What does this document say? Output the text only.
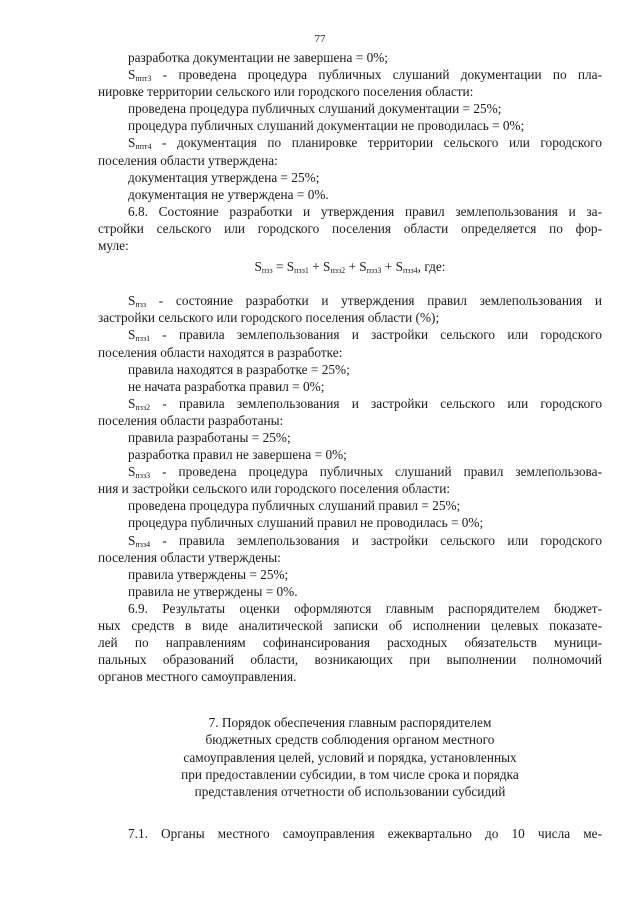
77

разработка документации не завершена = 0%;

$S_{ппт3}$ - проведена процедура публичных слушаний документации по пла-

нировке территории сельского или городского поселения области:

проведена процедура публичных слушаний документации = 25%;

процедура публичных слушаний документации не проводилась = 0%;

$S_{ппт4}$ - документация по планировке территории сельского или городского

поселения области утверждена:

документация утверждена = 25%;

документация не утверждена = 0%.

6.8. Состояние разработки и утверждения правил землепользования и за-

стройки сельского или городского поселения области определяется по фор-

муле:

$S_{пзз} = S_{пзз1} + S_{пзз2} + S_{пзз3} + S_{пзз4}$, где:

$S_{пзз}$ - состояние разработки и утверждения правил землепользования и

застройки сельского или городского поселения области (%);

$S_{пзз1}$ - правила землепользования и застройки сельского или городского

поселения области находятся в разработке:

правила находятся в разработке = 25%;

не начата разработка правил = 0%;

$S_{пзз2}$ - правила землепользования и застройки сельского или городского

поселения области разработаны:

правила разработаны = 25%;

разработка правил не завершена = 0%;

$S_{пзз3}$ - проведена процедура публичных слушаний правил землепользова-

ния и застройки сельского или городского поселения области:

проведена процедура публичных слушаний правил = 25%;

процедура публичных слушаний правил не проводилась = 0%;

$S_{пзз4}$ - правила землепользования и застройки сельского или городского

поселения области утверждены:

правила утверждены = 25%;

правила не утверждены = 0%.

6.9. Результаты оценки оформляются главным распорядителем бюджет-

ных средств в виде аналитической записки об исполнении целевых показате-

лей по направлениям софинансирования расходных обязательств муници-

пальных образований области, возникающих при выполнении полномочий

органов местного самоуправления.

7. Порядок обеспечения главным распорядителем

бюджетных средств соблюдения органом местного

самоуправления целей, условий и порядка, установленных

при предоставлении субсидии, в том числе срока и порядка

представления отчетности об использовании субсидий

7.1. Органы местного самоуправления ежеквартально до 10 числа ме-
